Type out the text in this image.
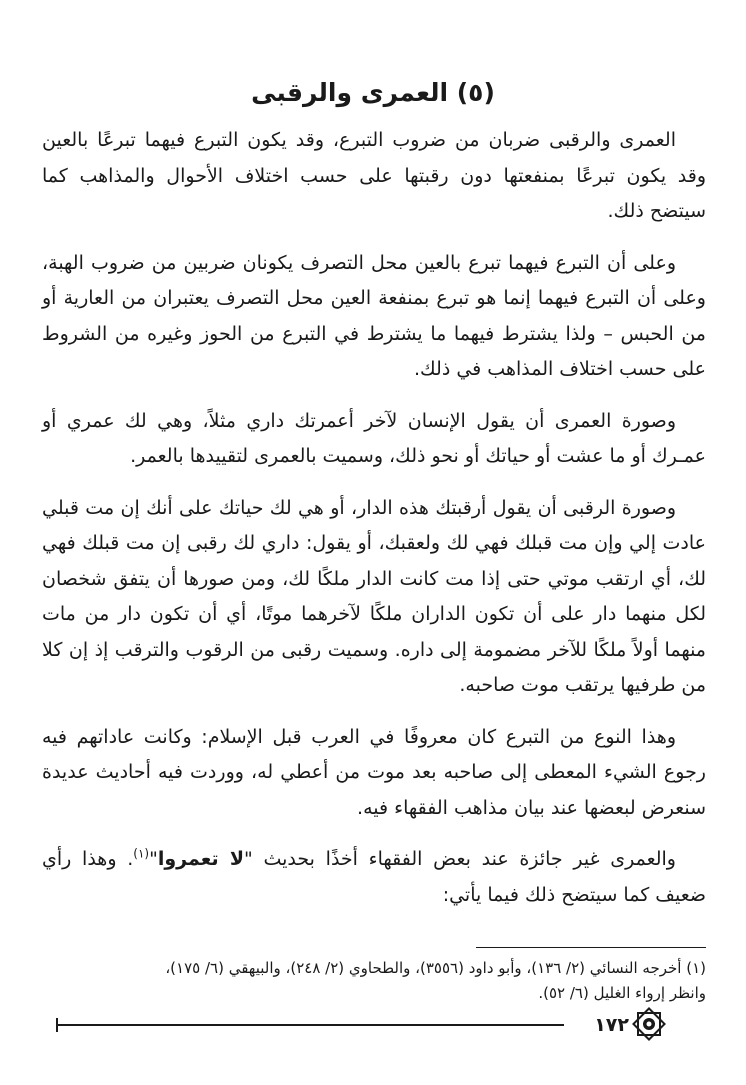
(٥) العمرى والرقبى

العمرى والرقبى ضربان من ضروب التبرع، وقد يكون التبرع فيهما تبرعًا بالعين وقد يكون تبرعًا بمنفعتها دون رقبتها على حسب اختلاف الأحوال والمذاهب كما سيتضح ذلك.

وعلى أن التبرع فيهما تبرع بالعين محل التصرف يكونان ضربين من ضروب الهبة، وعلى أن التبرع فيهما إنما هو تبرع بمنفعة العين محل التصرف يعتبران من العارية أو من الحبس – ولذا يشترط فيهما ما يشترط في التبرع من الحوز وغيره من الشروط على حسب اختلاف المذاهب في ذلك.

وصورة العمرى أن يقول الإنسان لآخر أعمرتك داري مثلاً، وهي لك عمري أو عمـرك أو ما عشت أو حياتك أو نحو ذلك، وسميت بالعمرى لتقييدها بالعمر.

وصورة الرقبى أن يقول أرقبتك هذه الدار، أو هي لك حياتك على أنك إن مت قبلي عادت إلي وإن مت قبلك فهي لك ولعقبك، أو يقول: داري لك رقبى إن مت قبلك فهي لك، أي ارتقب موتي حتى إذا مت كانت الدار ملكًا لك، ومن صورها أن يتفق شخصان لكل منهما دار على أن تكون الداران ملكًا لآخرهما موتًا، أي أن تكون دار من مات منهما أولاً ملكًا للآخر مضمومة إلى داره. وسميت رقبى من الرقوب والترقب إذ إن كلا من طرفيها يرتقب موت صاحبه.

وهذا النوع من التبرع كان معروفًا في العرب قبل الإسلام: وكانت عاداتهم فيه رجوع الشيء المعطى إلى صاحبه بعد موت من أعطي له، ووردت فيه أحاديث عديدة سنعرض لبعضها عند بيان مذاهب الفقهاء فيه.

والعمرى غير جائزة عند بعض الفقهاء أخذًا بحديث "لا تعمروا"$^{(١)}$. وهذا رأي ضعيف كما سيتضح ذلك فيما يأتي:

(١) أخرجه النسائي (٢/ ١٣٦)، وأبو داود (٣٥٥٦)، والطحاوي (٢/ ٢٤٨)، والبيهقي (٦/ ١٧٥)،

وانظر إرواء الغليل (٦/ ٥٢).

١٧٢
